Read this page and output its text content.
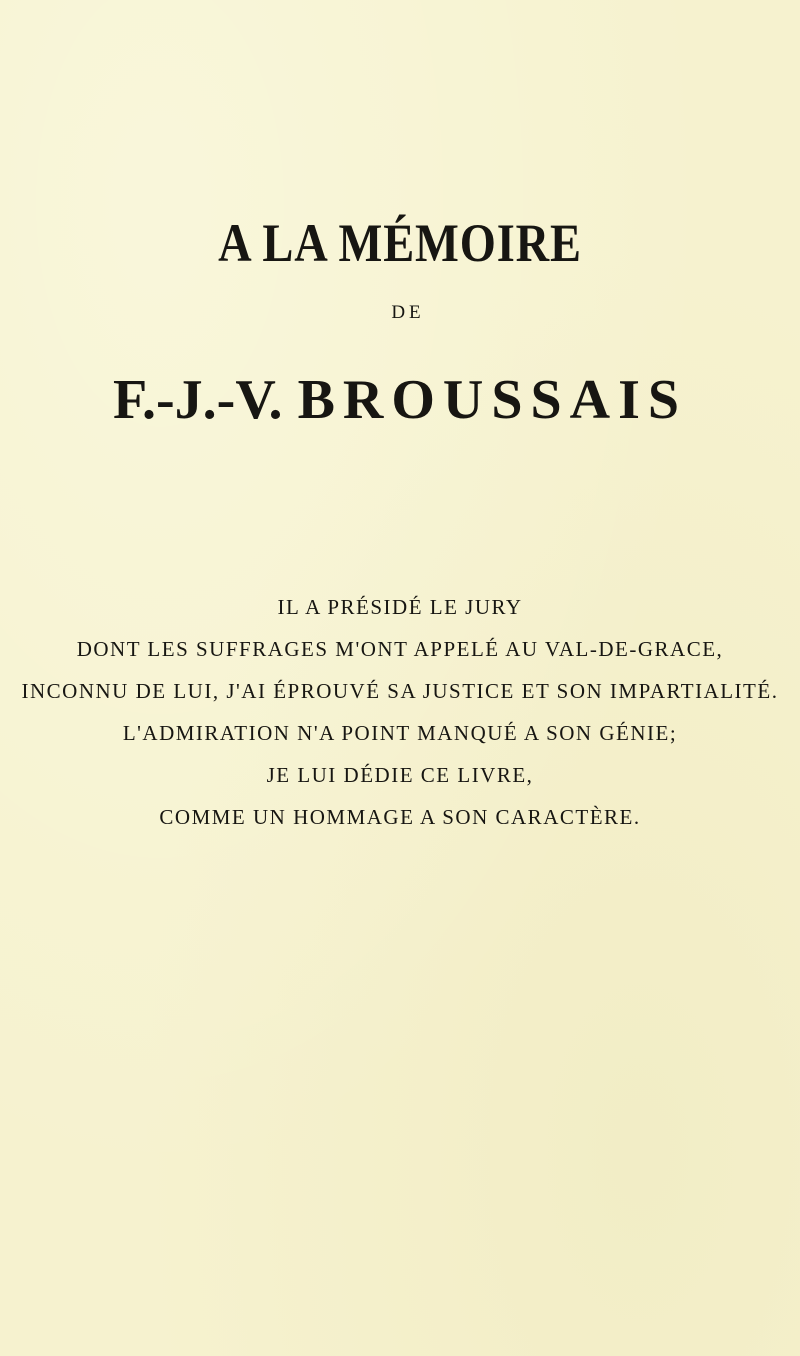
A LA MÉMOIRE
DE
F.-J.-V. BROUSSAIS
IL A PRÉSIDÉ LE JURY
DONT LES SUFFRAGES M'ONT APPELÉ AU VAL-DE-GRACE,
INCONNU DE LUI, J'AI ÉPROUVÉ SA JUSTICE ET SON IMPARTIALITÉ.
L'ADMIRATION N'A POINT MANQUÉ A SON GÉNIE;
JE LUI DÉDIE CE LIVRE,
COMME UN HOMMAGE A SON CARACTÈRE.
